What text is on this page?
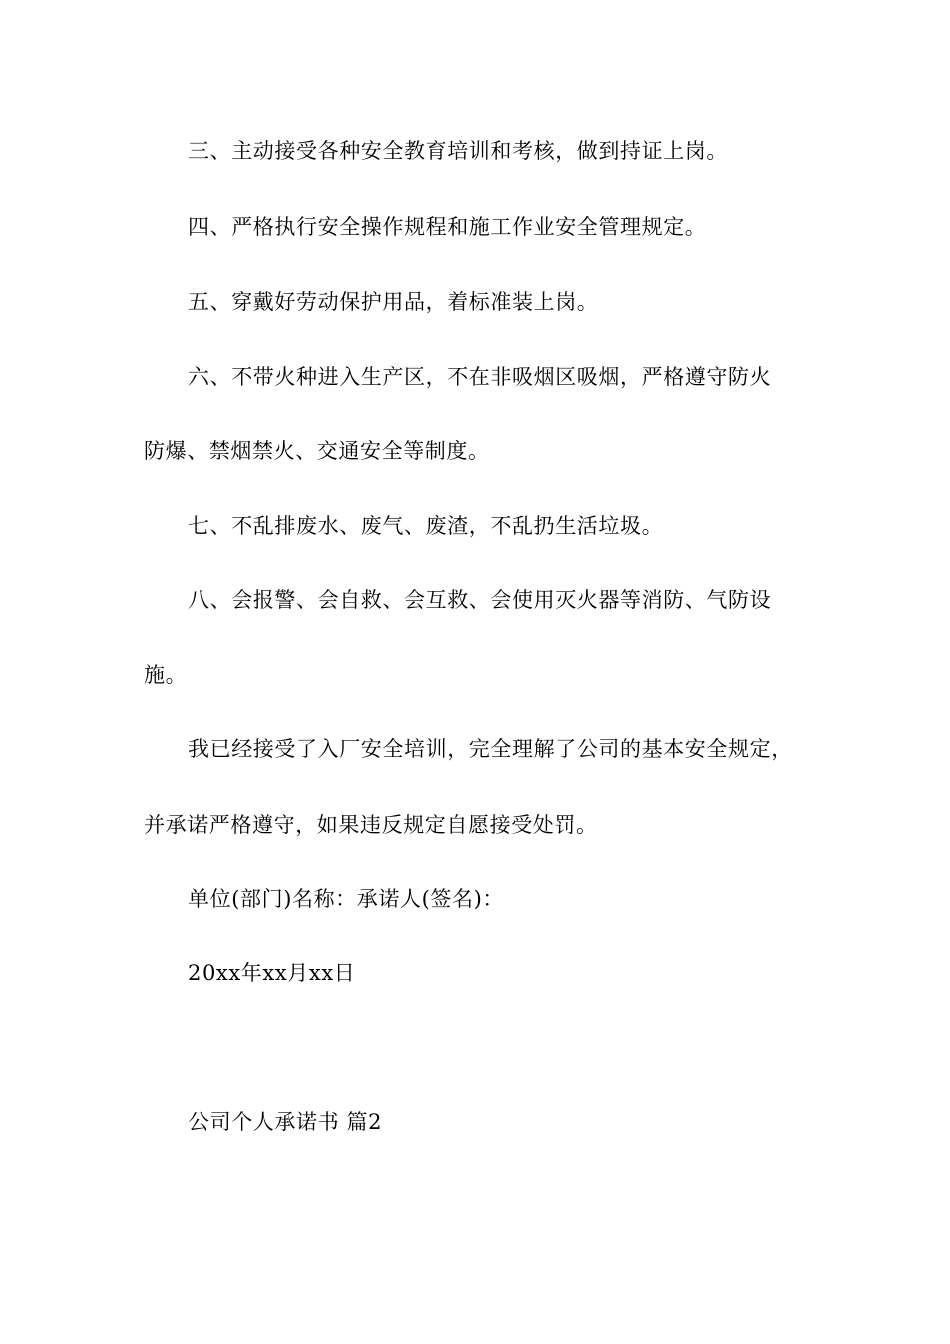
三、主动接受各种安全教育培训和考核，做到持证上岗。
四、严格执行安全操作规程和施工作业安全管理规定。
五、穿戴好劳动保护用品，着标准装上岗。
六、不带火种进入生产区，不在非吸烟区吸烟，严格遵守防火
防爆、禁烟禁火、交通安全等制度。
七、不乱排废水、废气、废渣，不乱扔生活垃圾。
八、会报警、会自救、会互救、会使用灭火器等消防、气防设
施。
我已经接受了入厂安全培训，完全理解了公司的基本安全规定，
并承诺严格遵守，如果违反规定自愿接受处罚。
单位(部门)名称：承诺人(签名)：
20xx年xx月xx日
公司个人承诺书 篇2
